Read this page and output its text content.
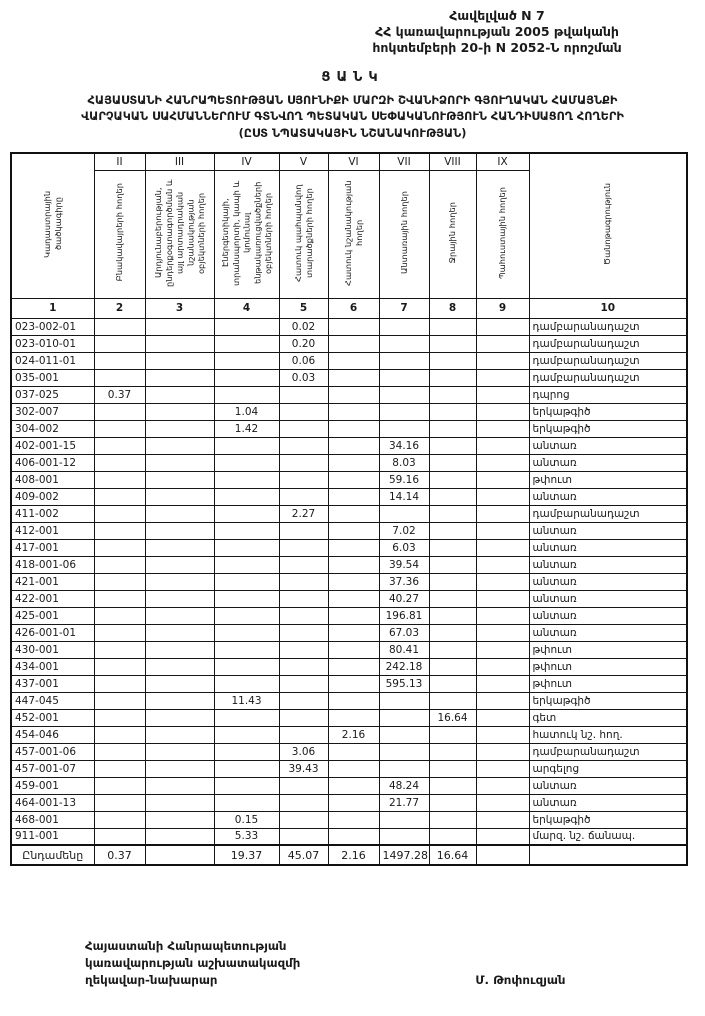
Հավելված N 7
ՀՀ կառավարության 2005 թվականի
հոկտեմբերի 20-ի N 2052-Ն որոշման
ՑԱՆԿ
ՀԱՅԱՍՏԱՆԻ ՀԱՆՐԱՊԵՏՈՒԹՅԱՆ ՍՅՈՒՆԻՔԻ ՄԱՐԶԻ ՇՎԱՆԻՁՈՐԻ ԳՅՈՒՂԱԿԱՆ ՀԱՄԱՅՆՔԻ
ՎԱՐՉԱԿԱՆ ՍԱՀՄԱՆՆԵՐՈՒՄ ԳՏՆՎՈՂ ՊԵՏԱԿԱՆ ՍԵՓԱԿԱՆՈՒԹՅՈՒՆ ՀԱՆԴԻՍԱՑՈՂ ՀՈՂԵՐԻ
(ԸՍՏ ՆՊԱՏԱԿԱՅԻՆ ՆՇԱՆԱԿՈՒԹՅԱՆ)
Կադաստրային ծածկագիրը	II	III	IV	V	VI	VII	VIII	IX	Ծանոթագրություն
	Բնակավայրերի հողեր	Արդյունաբերության, ընդերքօգտագործման և այլ արտադրական նշանակության օբյեկտների հողեր	Էներգետիկայի, տրանսպորտի, կապի և կոմունալ ենթակառուցվածքների օբյեկտների հողեր	Հատուկ պահպանվող տարածքների հողեր	Հատուկ նշանակության հողեր	Անտառային հողեր	Ջրային հողեր	Պահուստային հողեր	
1	2	3	4	5	6	7	8	9	10
023-002-01				0.02					դամբարանադաշտ
023-010-01				0.20					դամբարանադաշտ
024-011-01				0.06					դամբարանադաշտ
035-001				0.03					դամբարանադաշտ
037-025	0.37								դպրոց
302-007			1.04						երկաթգիծ
304-002			1.42						երկաթգիծ
402-001-15						34.16			անտառ
406-001-12						8.03			անտառ
408-001						59.16			թփուտ
409-002						14.14			անտառ
411-002				2.27					դամբարանադաշտ
412-001						7.02			անտառ
417-001						6.03			անտառ
418-001-06						39.54			անտառ
421-001						37.36			անտառ
422-001						40.27			անտառ
425-001						196.81			անտառ
426-001-01						67.03			անտառ
430-001						80.41			թփուտ
434-001						242.18			թփուտ
437-001						595.13			թփուտ
447-045			11.43						երկաթգիծ
452-001							16.64		գետ
454-046					2.16				հատուկ նշ. հող.
457-001-06				3.06					դամբարանադաշտ
457-001-07				39.43					արգելոց
459-001						48.24			անտառ
464-001-13						21.77			անտառ
468-001			0.15						երկաթգիծ
911-001			5.33						մարզ. նշ. ճանապ.
Ընդամենը	0.37		19.37	45.07	2.16	1497.28	16.64		
Հայաստանի Հանրապետության
կառավարության աշխատակազմի
ղեկավար-նախարար	Մ. Թոփուզյան
